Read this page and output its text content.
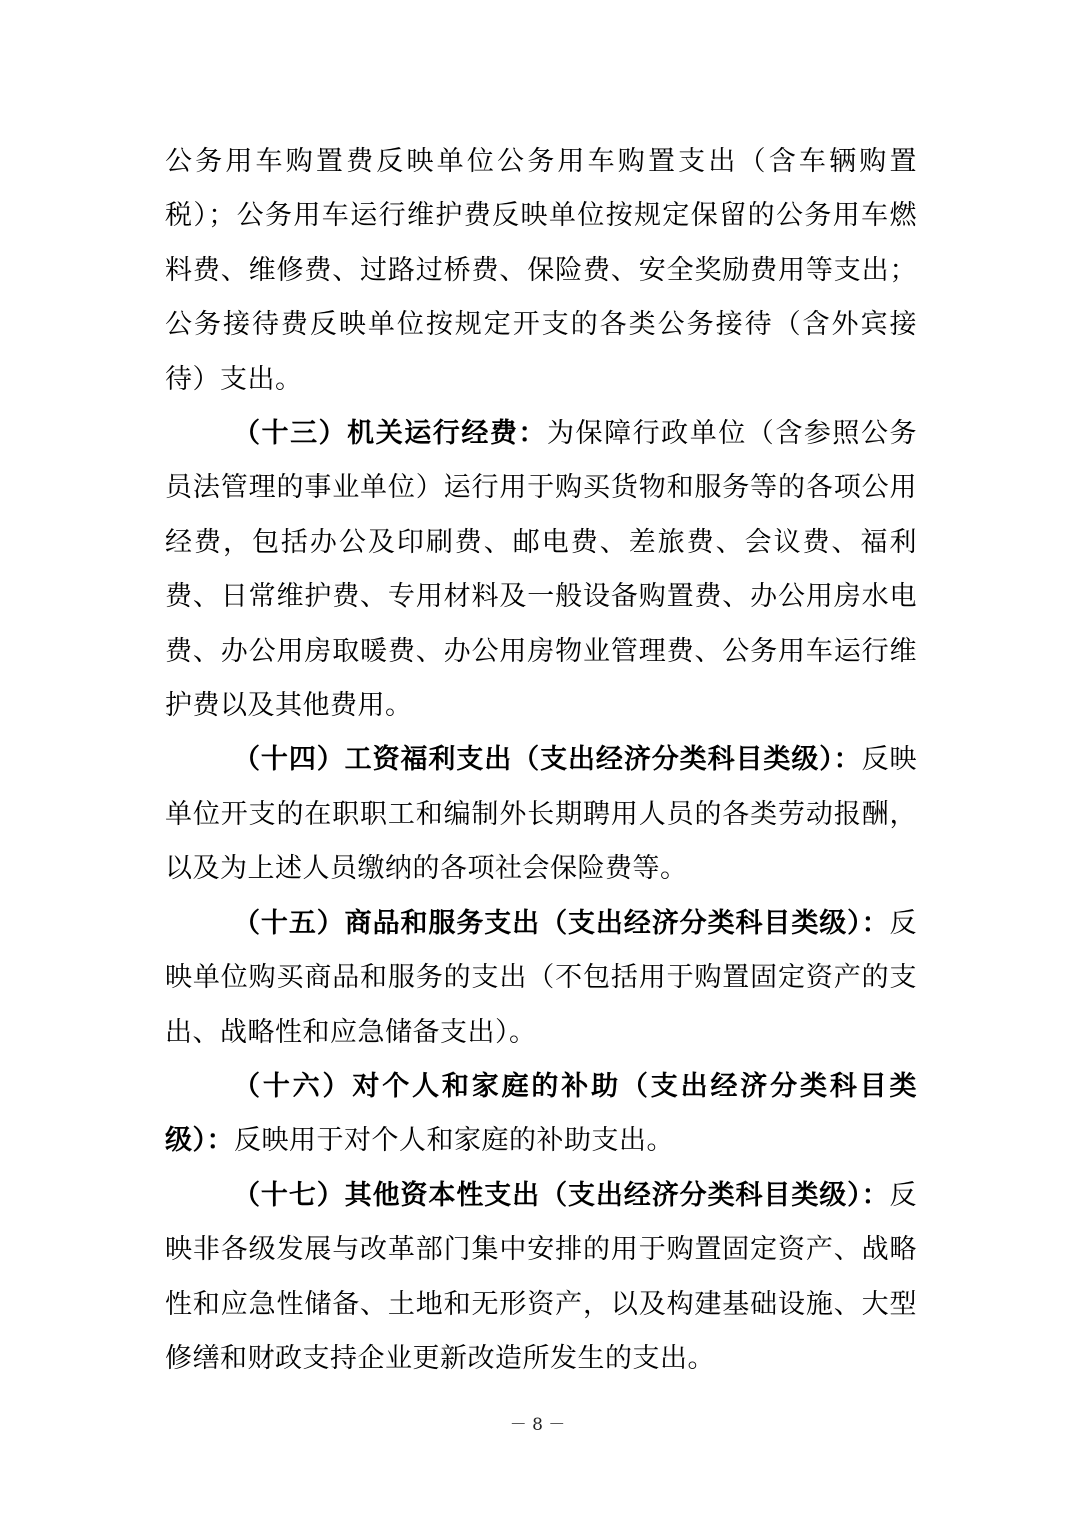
公务用车购置费反映单位公务用车购置支出（含车辆购置税）；公务用车运行维护费反映单位按规定保留的公务用车燃料费、维修费、过路过桥费、保险费、安全奖励费用等支出；公务接待费反映单位按规定开支的各类公务接待（含外宾接待）支出。

（十三）机关运行经费：为保障行政单位（含参照公务员法管理的事业单位）运行用于购买货物和服务等的各项公用经费，包括办公及印刷费、邮电费、差旅费、会议费、福利费、日常维护费、专用材料及一般设备购置费、办公用房水电费、办公用房取暖费、办公用房物业管理费、公务用车运行维护费以及其他费用。

（十四）工资福利支出（支出经济分类科目类级）：反映单位开支的在职职工和编制外长期聘用人员的各类劳动报酬，以及为上述人员缴纳的各项社会保险费等。

（十五）商品和服务支出（支出经济分类科目类级）：反映单位购买商品和服务的支出（不包括用于购置固定资产的支出、战略性和应急储备支出）。

（十六）对个人和家庭的补助（支出经济分类科目类级）：反映用于对个人和家庭的补助支出。

（十七）其他资本性支出（支出经济分类科目类级）：反映非各级发展与改革部门集中安排的用于购置固定资产、战略性和应急性储备、土地和无形资产，以及构建基础设施、大型修缮和财政支持企业更新改造所发生的支出。

－ 8 －
